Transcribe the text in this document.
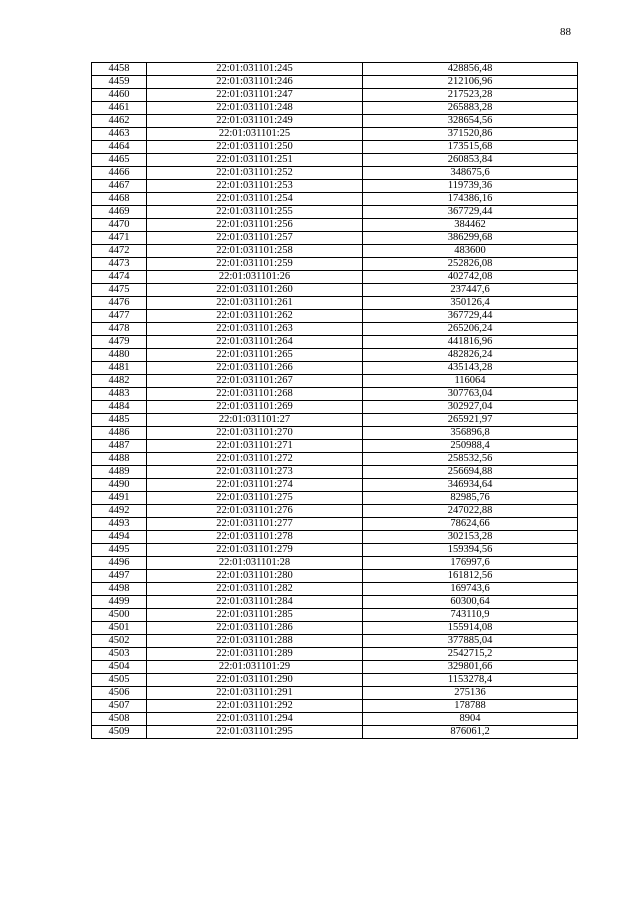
88
4458	22:01:031101:245	428856,48
4459	22:01:031101:246	212106,96
4460	22:01:031101:247	217523,28
4461	22:01:031101:248	265883,28
4462	22:01:031101:249	328654,56
4463	22:01:031101:25	371520,86
4464	22:01:031101:250	173515,68
4465	22:01:031101:251	260853,84
4466	22:01:031101:252	348675,6
4467	22:01:031101:253	119739,36
4468	22:01:031101:254	174386,16
4469	22:01:031101:255	367729,44
4470	22:01:031101:256	384462
4471	22:01:031101:257	386299,68
4472	22:01:031101:258	483600
4473	22:01:031101:259	252826,08
4474	22:01:031101:26	402742,08
4475	22:01:031101:260	237447,6
4476	22:01:031101:261	350126,4
4477	22:01:031101:262	367729,44
4478	22:01:031101:263	265206,24
4479	22:01:031101:264	441816,96
4480	22:01:031101:265	482826,24
4481	22:01:031101:266	435143,28
4482	22:01:031101:267	116064
4483	22:01:031101:268	307763,04
4484	22:01:031101:269	302927,04
4485	22:01:031101:27	265921,97
4486	22:01:031101:270	356896,8
4487	22:01:031101:271	250988,4
4488	22:01:031101:272	258532,56
4489	22:01:031101:273	256694,88
4490	22:01:031101:274	346934,64
4491	22:01:031101:275	82985,76
4492	22:01:031101:276	247022,88
4493	22:01:031101:277	78624,66
4494	22:01:031101:278	302153,28
4495	22:01:031101:279	159394,56
4496	22:01:031101:28	176997,6
4497	22:01:031101:280	161812,56
4498	22:01:031101:282	169743,6
4499	22:01:031101:284	60300,64
4500	22:01:031101:285	743110,9
4501	22:01:031101:286	155914,08
4502	22:01:031101:288	377885,04
4503	22:01:031101:289	2542715,2
4504	22:01:031101:29	329801,66
4505	22:01:031101:290	1153278,4
4506	22:01:031101:291	275136
4507	22:01:031101:292	178788
4508	22:01:031101:294	8904
4509	22:01:031101:295	876061,2
